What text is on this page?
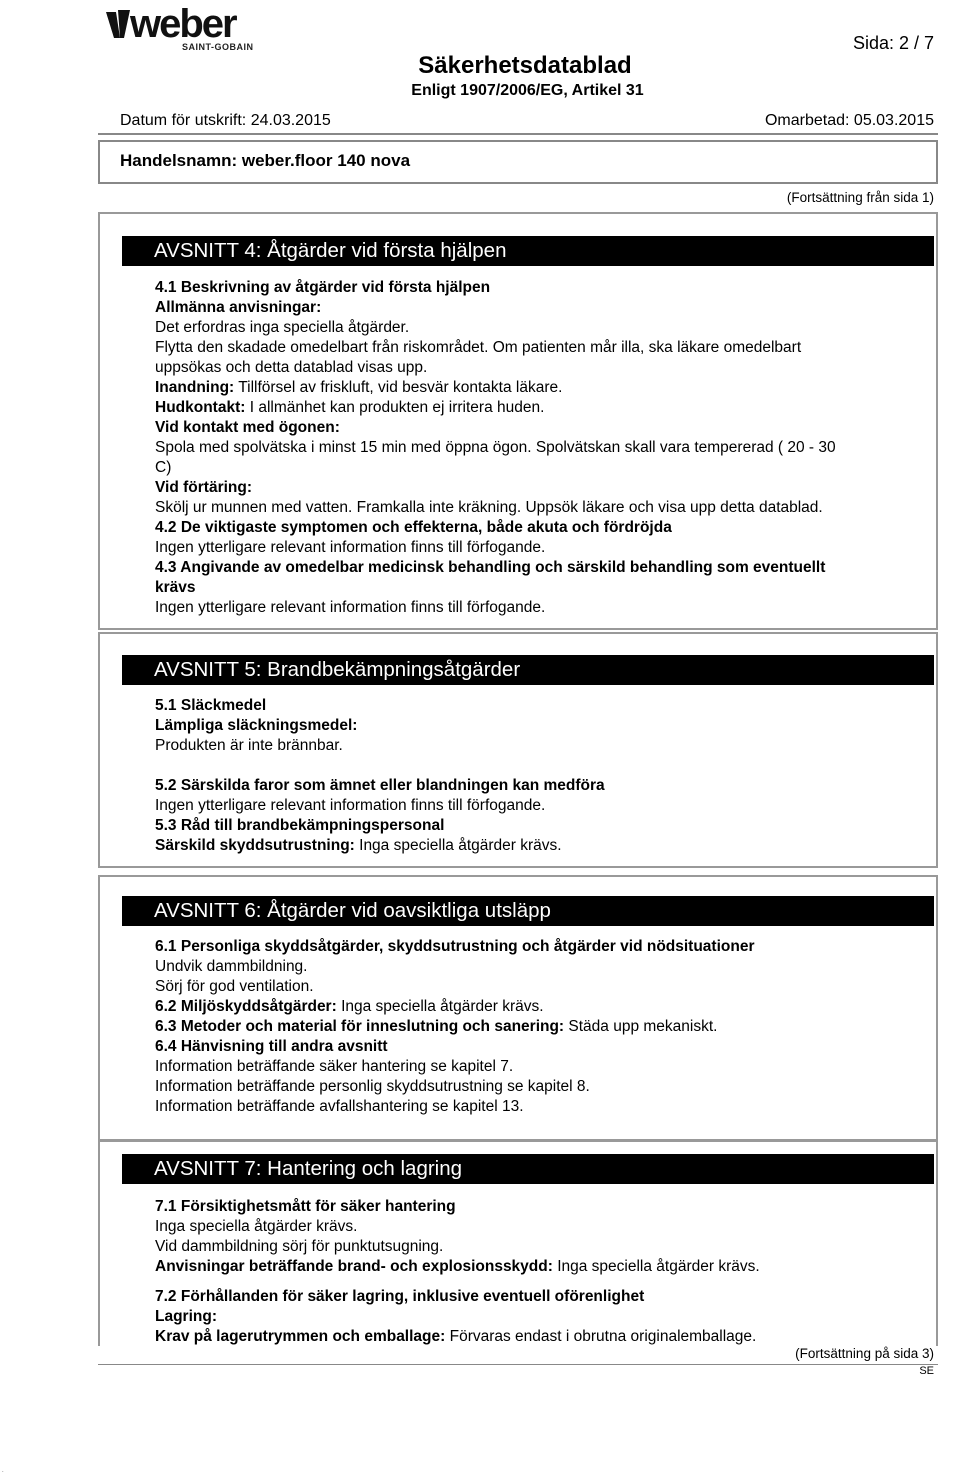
weber
SAINT-GOBAIN	Sida: 2 / 7
Säkerhetsdatablad
Enligt 1907/2006/EG, Artikel 31
Datum för utskrift: 24.03.2015	Omarbetad: 05.03.2015
Handelsnamn: weber.floor 140 nova
(Fortsättning från sida 1)
AVSNITT 4: Åtgärder vid första hjälpen
4.1 Beskrivning av åtgärder vid första hjälpen
Allmänna anvisningar:
Det erfordras inga speciella åtgärder.
Flytta den skadade omedelbart från riskområdet. Om patienten mår illa, ska läkare omedelbart
uppsökas och detta datablad visas upp.
Inandning: Tillförsel av friskluft, vid besvär kontakta läkare.
Hudkontakt: I allmänhet kan produkten ej irritera huden.
Vid kontakt med ögonen:
Spola med spolvätska i minst 15 min med öppna ögon. Spolvätskan skall vara tempererad ( 20 - 30
C)
Vid förtäring:
Skölj ur munnen med vatten. Framkalla inte kräkning. Uppsök läkare och visa upp detta datablad.
4.2 De viktigaste symptomen och effekterna, både akuta och fördröjda
Ingen ytterligare relevant information finns till förfogande.
4.3 Angivande av omedelbar medicinsk behandling och särskild behandling som eventuellt
krävs
Ingen ytterligare relevant information finns till förfogande.
AVSNITT 5: Brandbekämpningsåtgärder
5.1 Släckmedel
Lämpliga släckningsmedel:
Produkten är inte brännbar.
5.2 Särskilda faror som ämnet eller blandningen kan medföra
Ingen ytterligare relevant information finns till förfogande.
5.3 Råd till brandbekämpningspersonal
Särskild skyddsutrustning: Inga speciella åtgärder krävs.
AVSNITT 6: Åtgärder vid oavsiktliga utsläpp
6.1 Personliga skyddsåtgärder, skyddsutrustning och åtgärder vid nödsituationer
Undvik dammbildning.
Sörj för god ventilation.
6.2 Miljöskyddsåtgärder: Inga speciella åtgärder krävs.
6.3 Metoder och material för inneslutning och sanering: Städa upp mekaniskt.
6.4 Hänvisning till andra avsnitt
Information beträffande säker hantering se kapitel 7.
Information beträffande personlig skyddsutrustning se kapitel 8.
Information beträffande avfallshantering se kapitel 13.
AVSNITT 7: Hantering och lagring
7.1 Försiktighetsmått för säker hantering
Inga speciella åtgärder krävs.
Vid dammbildning sörj för punktutsugning.
Anvisningar beträffande brand- och explosionsskydd: Inga speciella åtgärder krävs.
7.2 Förhållanden för säker lagring, inklusive eventuell oförenlighet
Lagring:
Krav på lagerutrymmen och emballage: Förvaras endast i obrutna originalemballage.
(Fortsättning på sida 3)
SE
.
